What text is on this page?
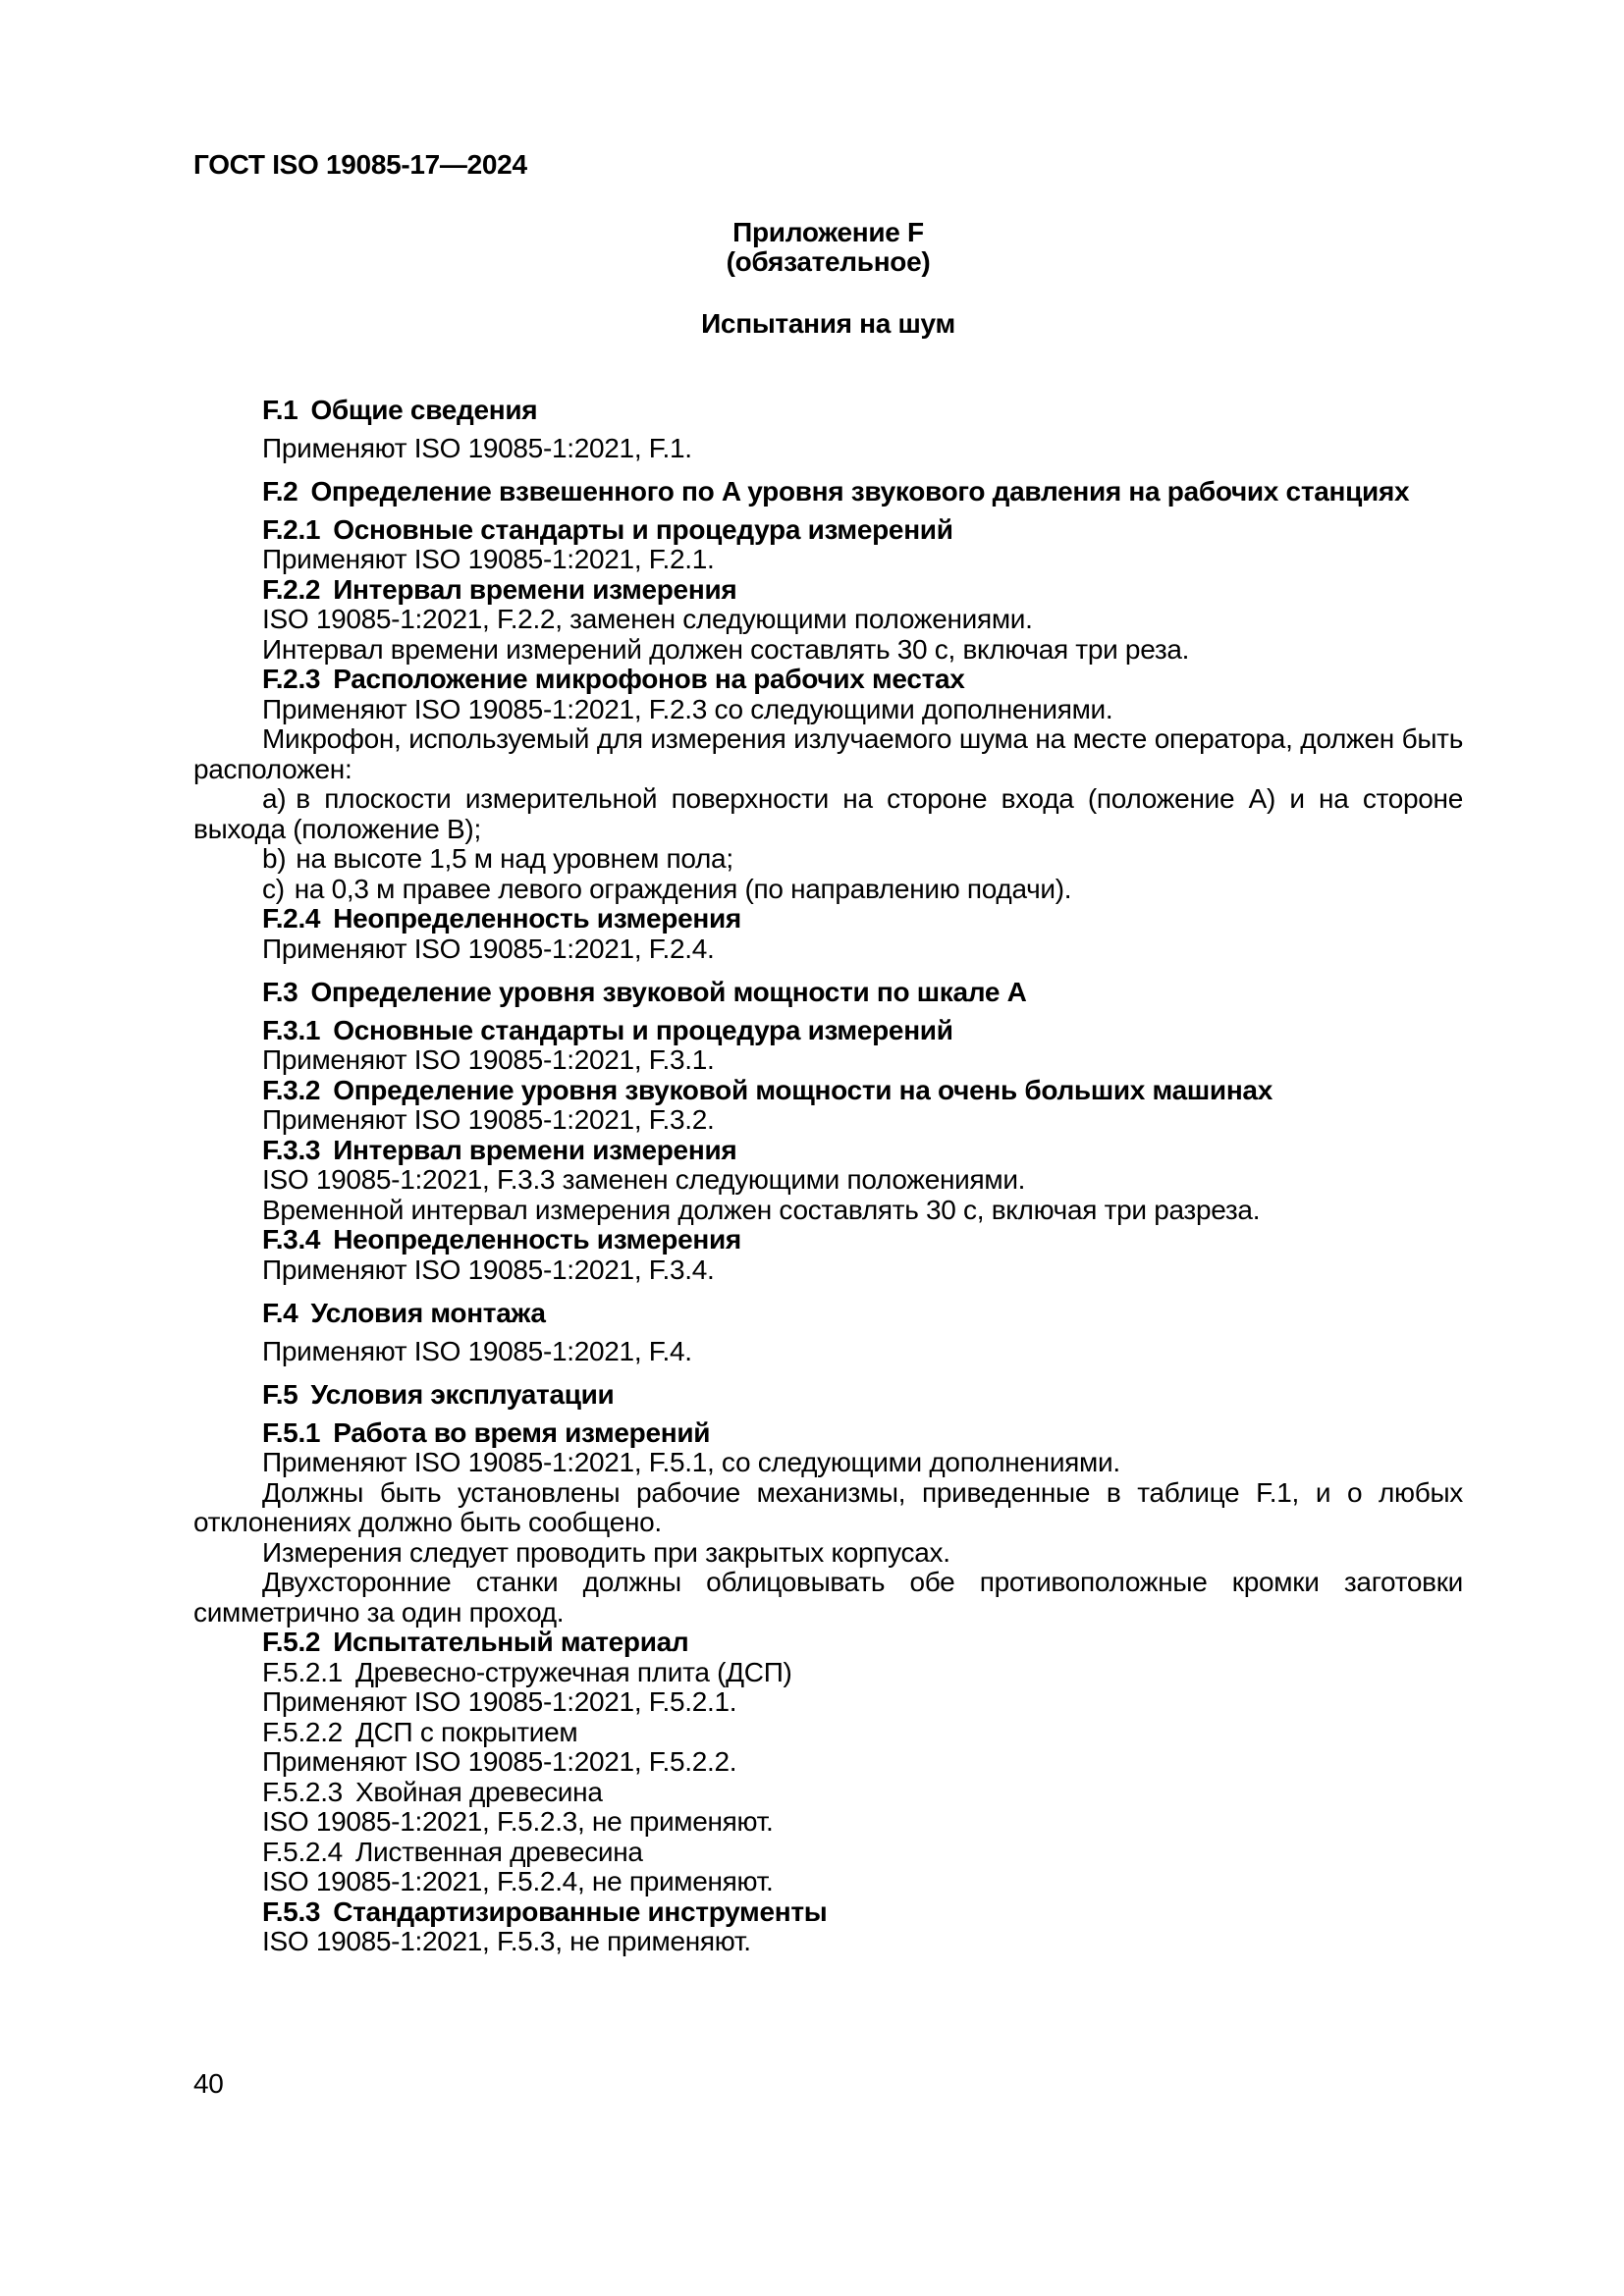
ГОСТ ISO 19085-17—2024
Приложение F
(обязательное)
Испытания на шум
F.1 Общие сведения
Применяют ISO 19085-1:2021, F.1.
F.2 Определение взвешенного по A уровня звукового давления на рабочих станциях
F.2.1 Основные стандарты и процедура измерений
Применяют ISO 19085-1:2021, F.2.1.
F.2.2 Интервал времени измерения
ISO 19085-1:2021, F.2.2, заменен следующими положениями.
Интервал времени измерений должен составлять 30 с, включая три реза.
F.2.3 Расположение микрофонов на рабочих местах
Применяют ISO 19085-1:2021, F.2.3 со следующими дополнениями.
Микрофон, используемый для измерения излучаемого шума на месте оператора, должен быть расположен:
a) в плоскости измерительной поверхности на стороне входа (положение A) и на стороне выхода (положение B);
b) на высоте 1,5 м над уровнем пола;
c) на 0,3 м правее левого ограждения (по направлению подачи).
F.2.4 Неопределенность измерения
Применяют ISO 19085-1:2021, F.2.4.
F.3 Определение уровня звуковой мощности по шкале A
F.3.1 Основные стандарты и процедура измерений
Применяют ISO 19085-1:2021, F.3.1.
F.3.2 Определение уровня звуковой мощности на очень больших машинах
Применяют ISO 19085-1:2021, F.3.2.
F.3.3 Интервал времени измерения
ISO 19085-1:2021, F.3.3 заменен следующими положениями.
Временной интервал измерения должен составлять 30 с, включая три разреза.
F.3.4 Неопределенность измерения
Применяют ISO 19085-1:2021, F.3.4.
F.4 Условия монтажа
Применяют ISO 19085-1:2021, F.4.
F.5 Условия эксплуатации
F.5.1 Работа во время измерений
Применяют ISO 19085-1:2021, F.5.1, со следующими дополнениями.
Должны быть установлены рабочие механизмы, приведенные в таблице F.1, и о любых отклонениях должно быть сообщено.
Измерения следует проводить при закрытых корпусах.
Двухсторонние станки должны облицовывать обе противоположные кромки заготовки симметрично за один проход.
F.5.2 Испытательный материал
F.5.2.1 Древесно-стружечная плита (ДСП)
Применяют ISO 19085-1:2021, F.5.2.1.
F.5.2.2 ДСП с покрытием
Применяют ISO 19085-1:2021, F.5.2.2.
F.5.2.3 Хвойная древесина
ISO 19085-1:2021, F.5.2.3, не применяют.
F.5.2.4 Лиственная древесина
ISO 19085-1:2021, F.5.2.4, не применяют.
F.5.3 Стандартизированные инструменты
ISO 19085-1:2021, F.5.3, не применяют.
40
